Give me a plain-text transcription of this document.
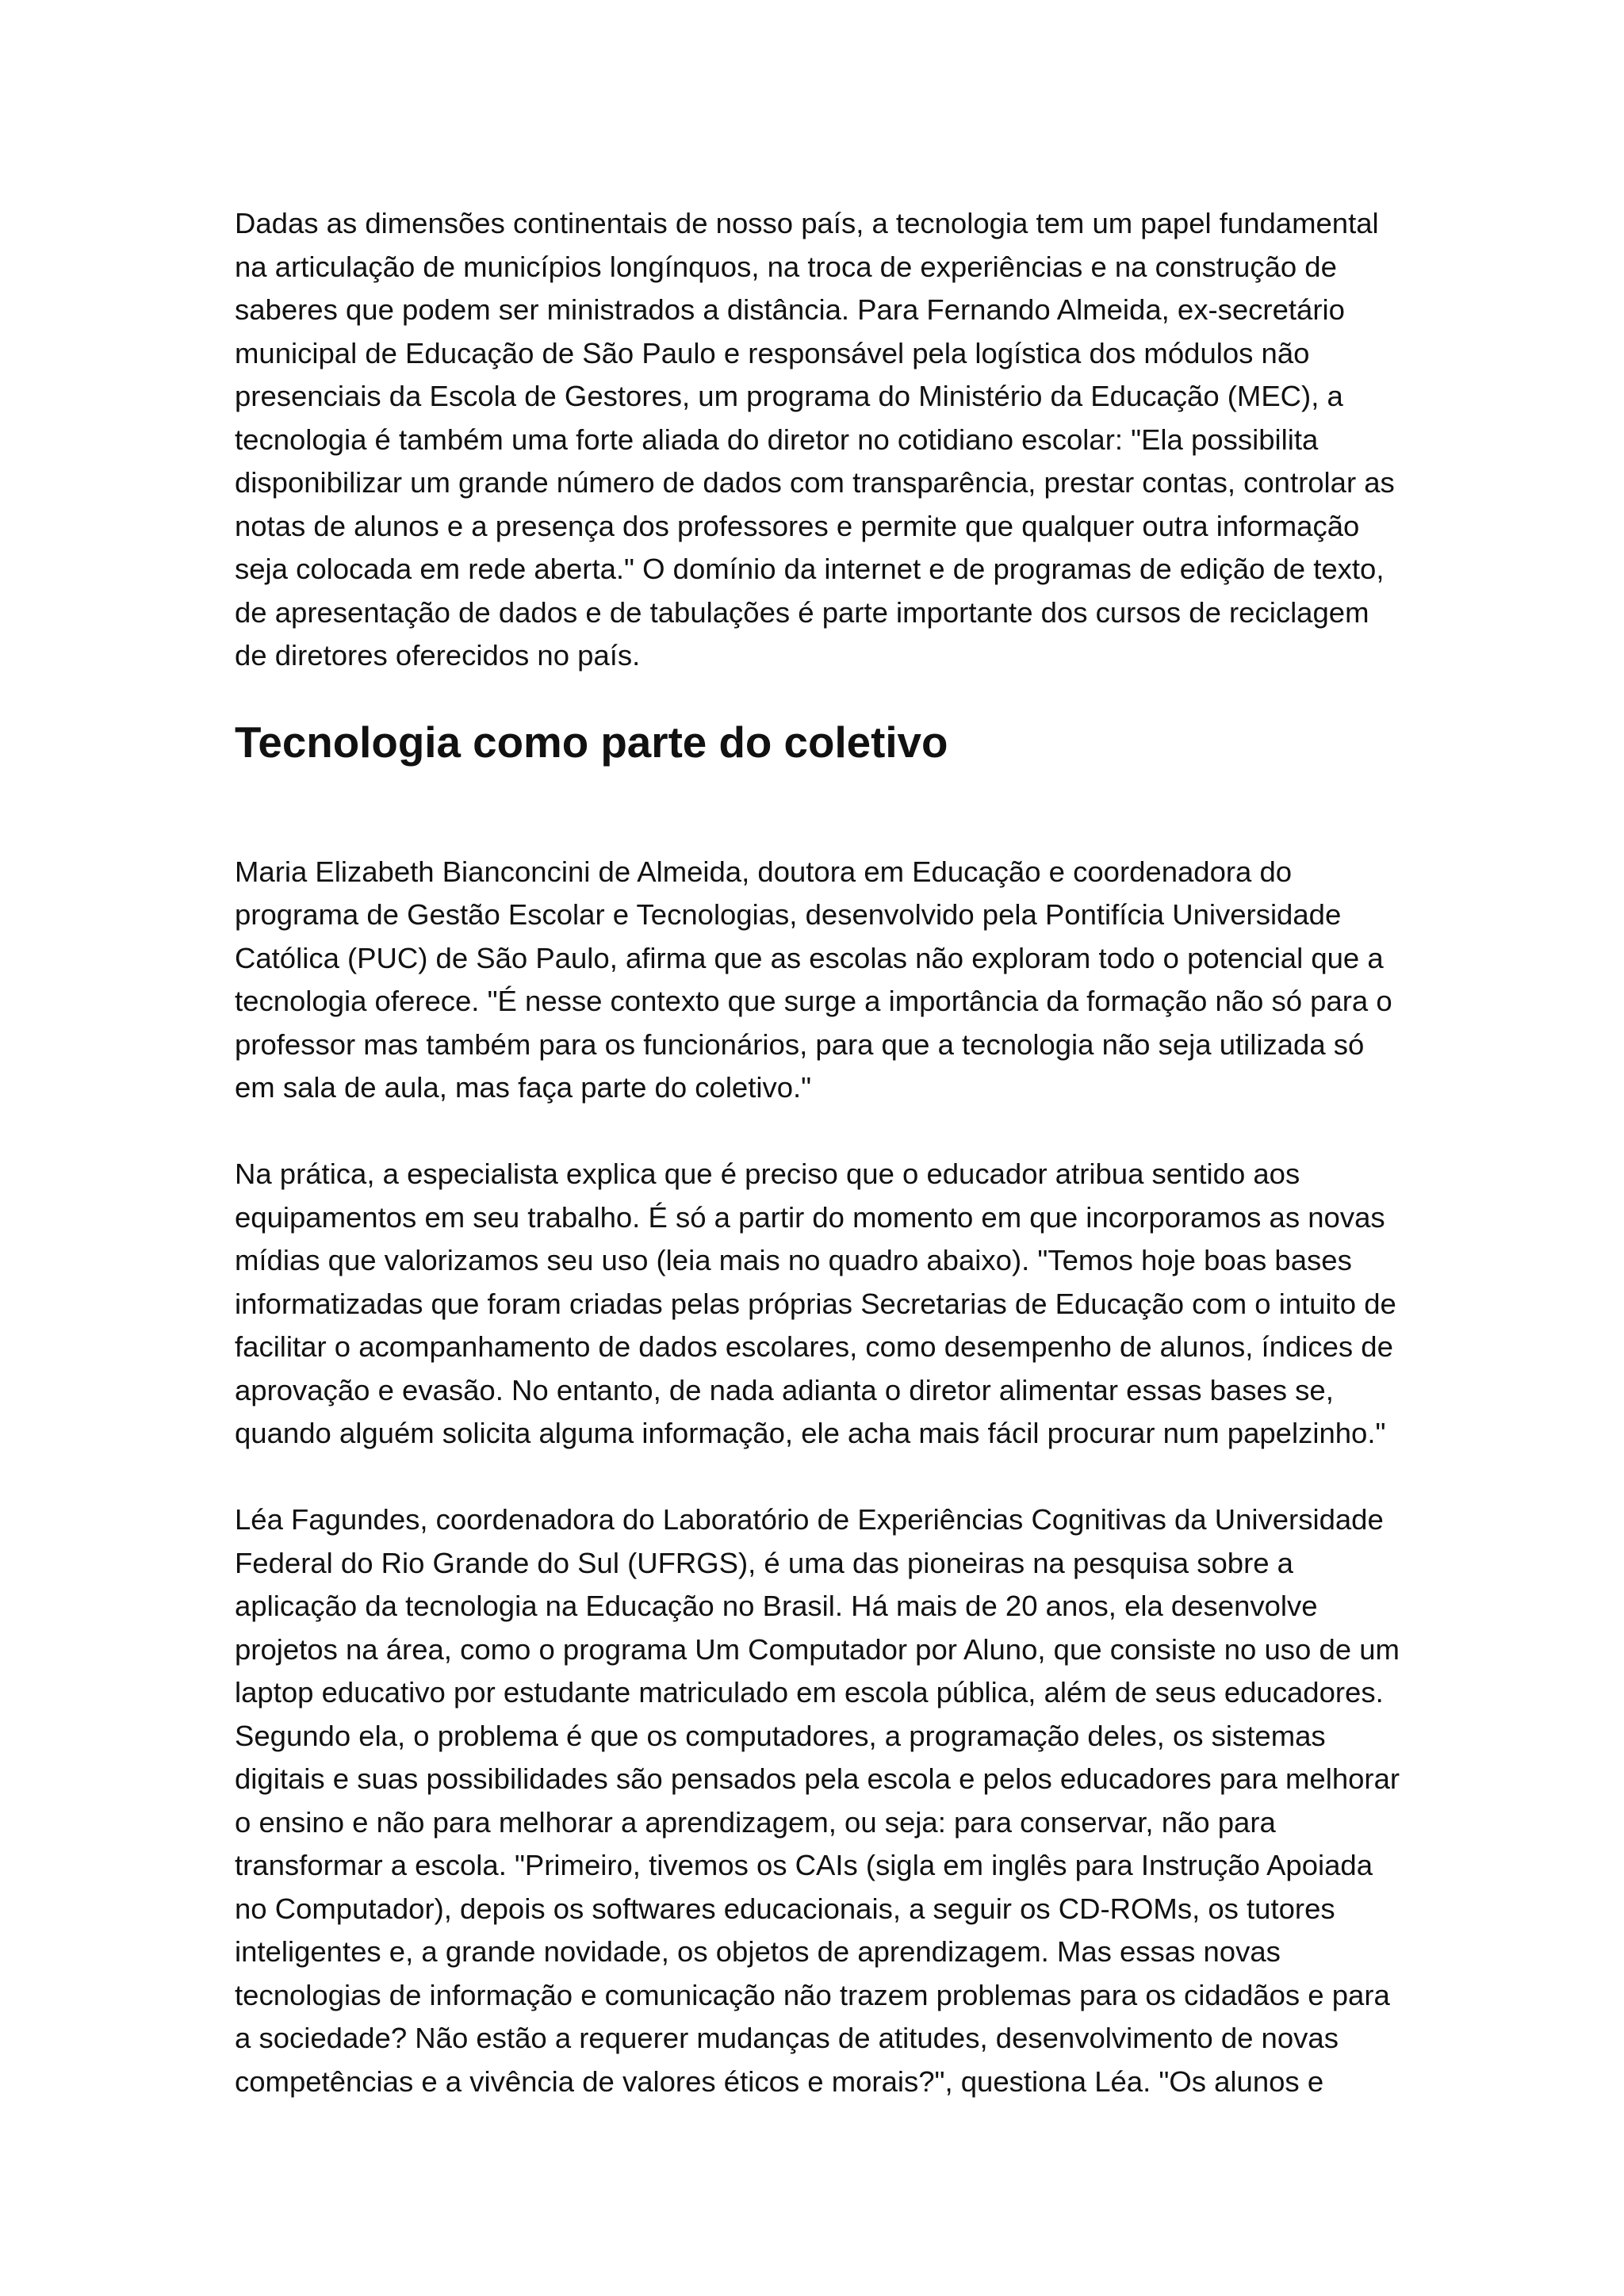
Dadas as dimensões continentais de nosso país, a tecnologia tem um papel fundamental
na articulação de municípios longínquos, na troca de experiências e na construção de
saberes que podem ser ministrados a distância. Para Fernando Almeida, ex-secretário
municipal de Educação de São Paulo e responsável pela logística dos módulos não
presenciais da Escola de Gestores, um programa do Ministério da Educação (MEC), a
tecnologia é também uma forte aliada do diretor no cotidiano escolar: "Ela possibilita
disponibilizar um grande número de dados com transparência, prestar contas, controlar as
notas de alunos e a presença dos professores e permite que qualquer outra informação
seja colocada em rede aberta." O domínio da internet e de programas de edição de texto,
de apresentação de dados e de tabulações é parte importante dos cursos de reciclagem
de diretores oferecidos no país.

Tecnologia como parte do coletivo

Maria Elizabeth Bianconcini de Almeida, doutora em Educação e coordenadora do
programa de Gestão Escolar e Tecnologias, desenvolvido pela Pontifícia Universidade
Católica (PUC) de São Paulo, afirma que as escolas não exploram todo o potencial que a
tecnologia oferece. "É nesse contexto que surge a importância da formação não só para o
professor mas também para os funcionários, para que a tecnologia não seja utilizada só
em sala de aula, mas faça parte do coletivo."

Na prática, a especialista explica que é preciso que o educador atribua sentido aos
equipamentos em seu trabalho. É só a partir do momento em que incorporamos as novas
mídias que valorizamos seu uso (leia mais no quadro abaixo). "Temos hoje boas bases
informatizadas que foram criadas pelas próprias Secretarias de Educação com o intuito de
facilitar o acompanhamento de dados escolares, como desempenho de alunos, índices de
aprovação e evasão. No entanto, de nada adianta o diretor alimentar essas bases se,
quando alguém solicita alguma informação, ele acha mais fácil procurar num papelzinho."

Léa Fagundes, coordenadora do Laboratório de Experiências Cognitivas da Universidade
Federal do Rio Grande do Sul (UFRGS), é uma das pioneiras na pesquisa sobre a
aplicação da tecnologia na Educação no Brasil. Há mais de 20 anos, ela desenvolve
projetos na área, como o programa Um Computador por Aluno, que consiste no uso de um
laptop educativo por estudante matriculado em escola pública, além de seus educadores.
Segundo ela, o problema é que os computadores, a programação deles, os sistemas
digitais e suas possibilidades são pensados pela escola e pelos educadores para melhorar
o ensino e não para melhorar a aprendizagem, ou seja: para conservar, não para
transformar a escola. "Primeiro, tivemos os CAIs (sigla em inglês para Instrução Apoiada
no Computador), depois os softwares educacionais, a seguir os CD-ROMs, os tutores
inteligentes e, a grande novidade, os objetos de aprendizagem. Mas essas novas
tecnologias de informação e comunicação não trazem problemas para os cidadãos e para
a sociedade? Não estão a requerer mudanças de atitudes, desenvolvimento de novas
competências e a vivência de valores éticos e morais?", questiona Léa. "Os alunos e
